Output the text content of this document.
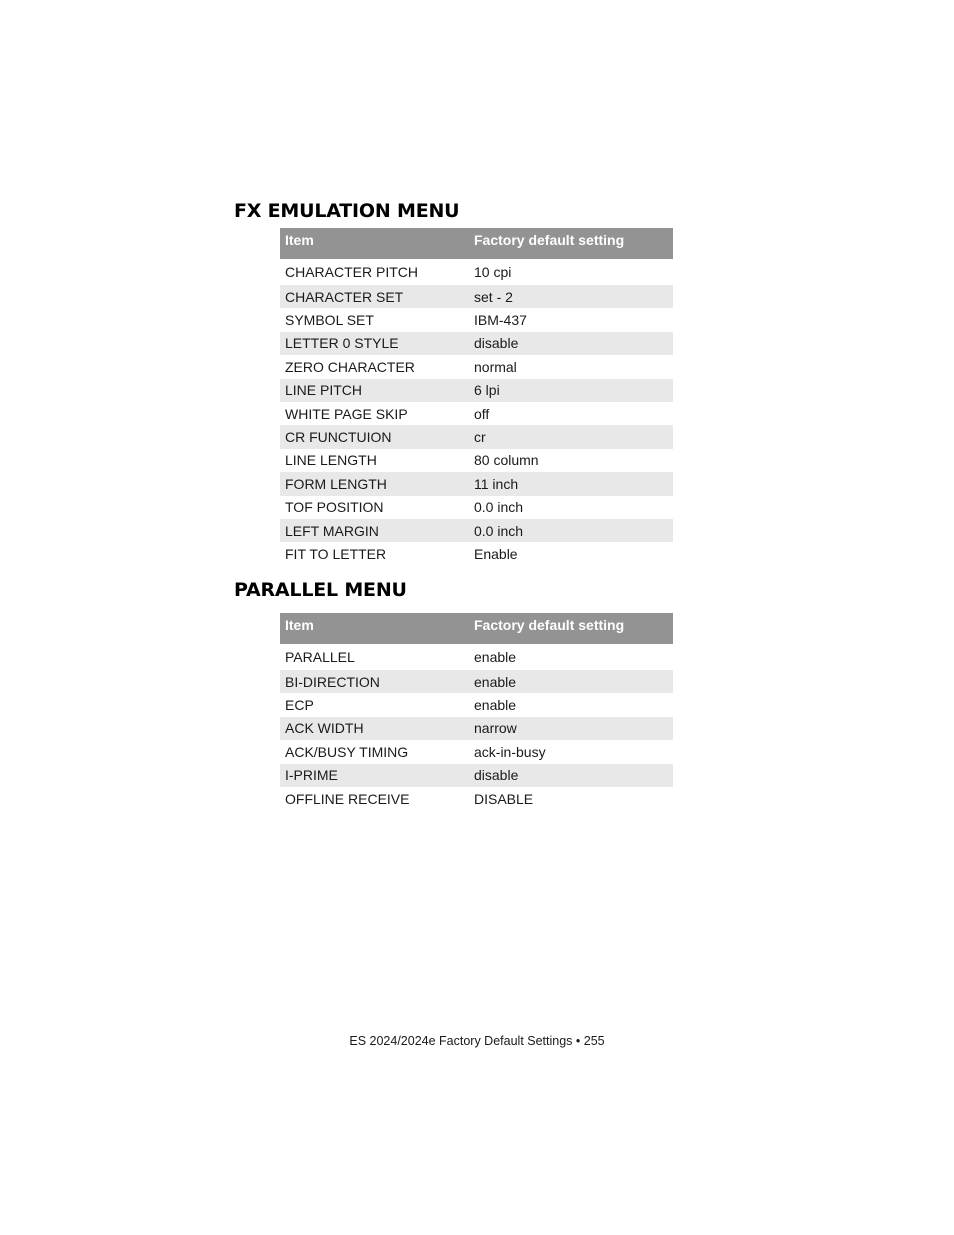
FX EMULATION MENU
Item	Factory default setting
CHARACTER PITCH	10 cpi
CHARACTER SET	set - 2
SYMBOL SET	IBM-437
LETTER 0 STYLE	disable
ZERO CHARACTER	normal
LINE PITCH	6 lpi
WHITE PAGE SKIP	off
CR FUNCTUION	cr
LINE LENGTH	80 column
FORM LENGTH	11 inch
TOF POSITION	0.0 inch
LEFT MARGIN	0.0 inch
FIT TO LETTER	Enable
PARALLEL MENU
Item	Factory default setting
PARALLEL	enable
BI-DIRECTION	enable
ECP	enable
ACK WIDTH	narrow
ACK/BUSY TIMING	ack-in-busy
I-PRIME	disable
OFFLINE RECEIVE	DISABLE
ES 2024/2024e Factory Default Settings • 255
